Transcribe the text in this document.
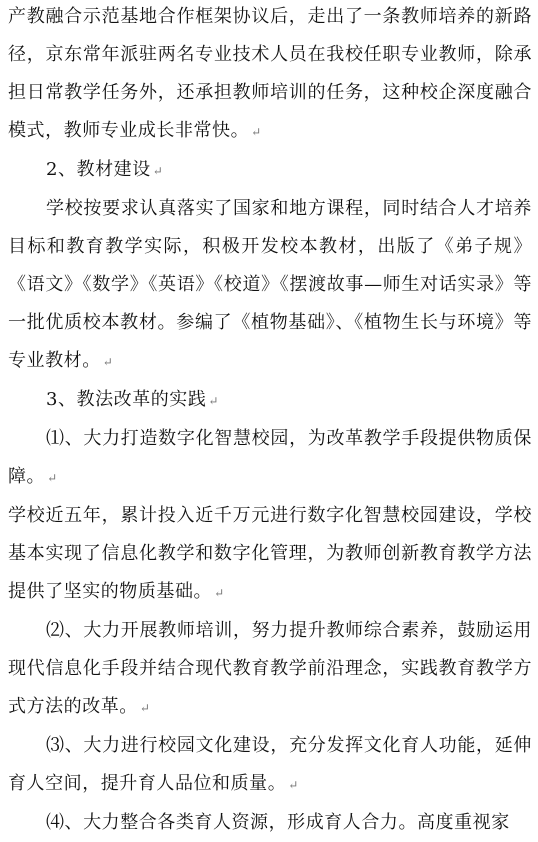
产教融合示范基地合作框架协议后，走出了一条教师培养的新路径，京东常年派驻两名专业技术人员在我校任职专业教师，除承担日常教学任务外，还承担教师培训的任务，这种校企深度融合模式，教师专业成长非常快。 ↵

2、教材建设 ↵

学校按要求认真落实了国家和地方课程，同时结合人才培养目标和教育教学实际，积极开发校本教材，出版了《弟子规》《语文》《数学》《英语》《校道》《摆渡故事—师生对话实录》等一批优质校本教材。参编了《植物基础》、《植物生长与环境》等专业教材。 ↵

3、教法改革的实践 ↵

⑴、大力打造数字化智慧校园，为改革教学手段提供物质保障。 ↵

学校近五年，累计投入近千万元进行数字化智慧校园建设，学校基本实现了信息化教学和数字化管理，为教师创新教育教学方法提供了坚实的物质基础。 ↵

⑵、大力开展教师培训，努力提升教师综合素养，鼓励运用现代信息化手段并结合现代教育教学前沿理念，实践教育教学方式方法的改革。 ↵

⑶、大力进行校园文化建设，充分发挥文化育人功能，延伸育人空间，提升育人品位和质量。 ↵

⑷、大力整合各类育人资源，形成育人合力。高度重视家
